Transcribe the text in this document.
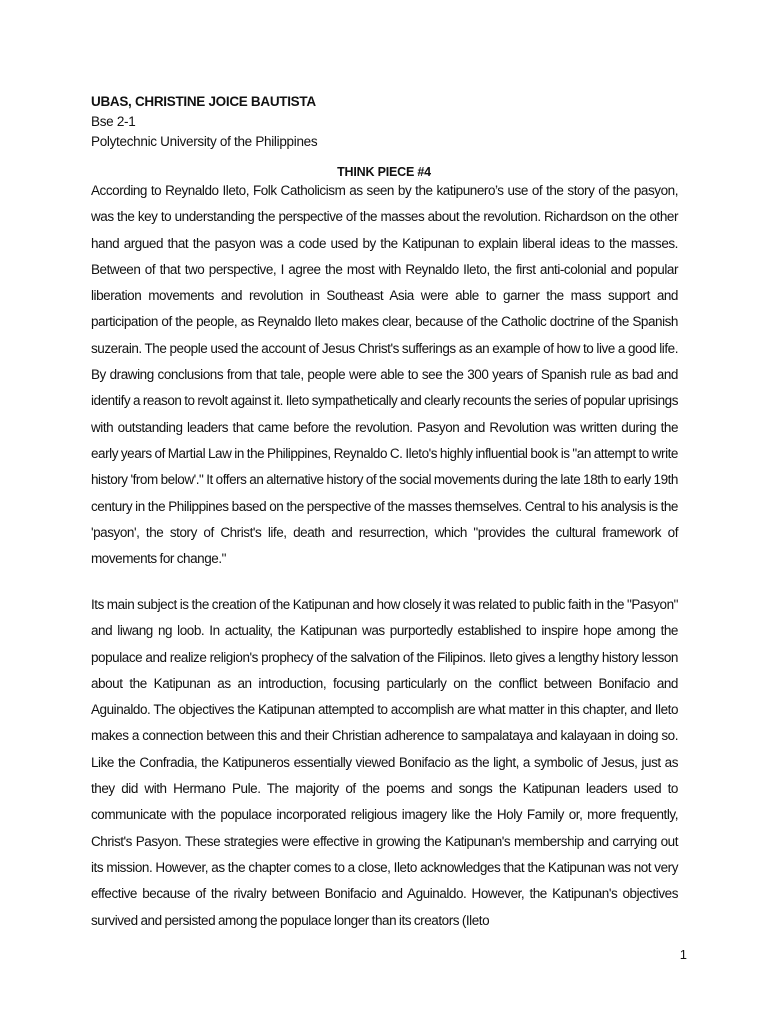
UBAS, CHRISTINE JOICE BAUTISTA
Bse 2-1
Polytechnic University of the Philippines
THINK PIECE #4

According to Reynaldo Ileto, Folk Catholicism as seen by the katipunero’s use of the story of the pasyon, was the key to understanding the perspective of the masses about the revolution. Richardson on the other hand argued that the pasyon was a code used by the Katipunan to explain liberal ideas to the masses. Between of that two perspective, I agree the most with Reynaldo Ileto, the first anti-colonial and popular liberation movements and revolution in Southeast Asia were able to garner the mass support and participation of the people, as Reynaldo Ileto makes clear, because of the Catholic doctrine of the Spanish suzerain. The people used the account of Jesus Christ's sufferings as an example of how to live a good life. By drawing conclusions from that tale, people were able to see the 300 years of Spanish rule as bad and identify a reason to revolt against it. Ileto sympathetically and clearly recounts the series of popular uprisings with outstanding leaders that came before the revolution. Pasyon and Revolution was written during the early years of Martial Law in the Philippines, Reynaldo C. Ileto's highly influential book is "an attempt to write history 'from below'." It offers an alternative history of the social movements during the late 18th to early 19th century in the Philippines based on the perspective of the masses themselves. Central to his analysis is the 'pasyon', the story of Christ's life, death and resurrection, which "provides the cultural framework of movements for change."

Its main subject is the creation of the Katipunan and how closely it was related to public faith in the "Pasyon" and liwang ng loob. In actuality, the Katipunan was purportedly established to inspire hope among the populace and realize religion's prophecy of the salvation of the Filipinos. Ileto gives a lengthy history lesson about the Katipunan as an introduction, focusing particularly on the conflict between Bonifacio and Aguinaldo. The objectives the Katipunan attempted to accomplish are what matter in this chapter, and Ileto makes a connection between this and their Christian adherence to sampalataya and kalayaan in doing so. Like the Confradia, the Katipuneros essentially viewed Bonifacio as the light, a symbolic of Jesus, just as they did with Hermano Pule. The majority of the poems and songs the Katipunan leaders used to communicate with the populace incorporated religious imagery like the Holy Family or, more frequently, Christ's Pasyon. These strategies were effective in growing the Katipunan's membership and carrying out its mission. However, as the chapter comes to a close, Ileto acknowledges that the Katipunan was not very effective because of the rivalry between Bonifacio and Aguinaldo. However, the Katipunan's objectives survived and persisted among the populace longer than its creators (Ileto

1
